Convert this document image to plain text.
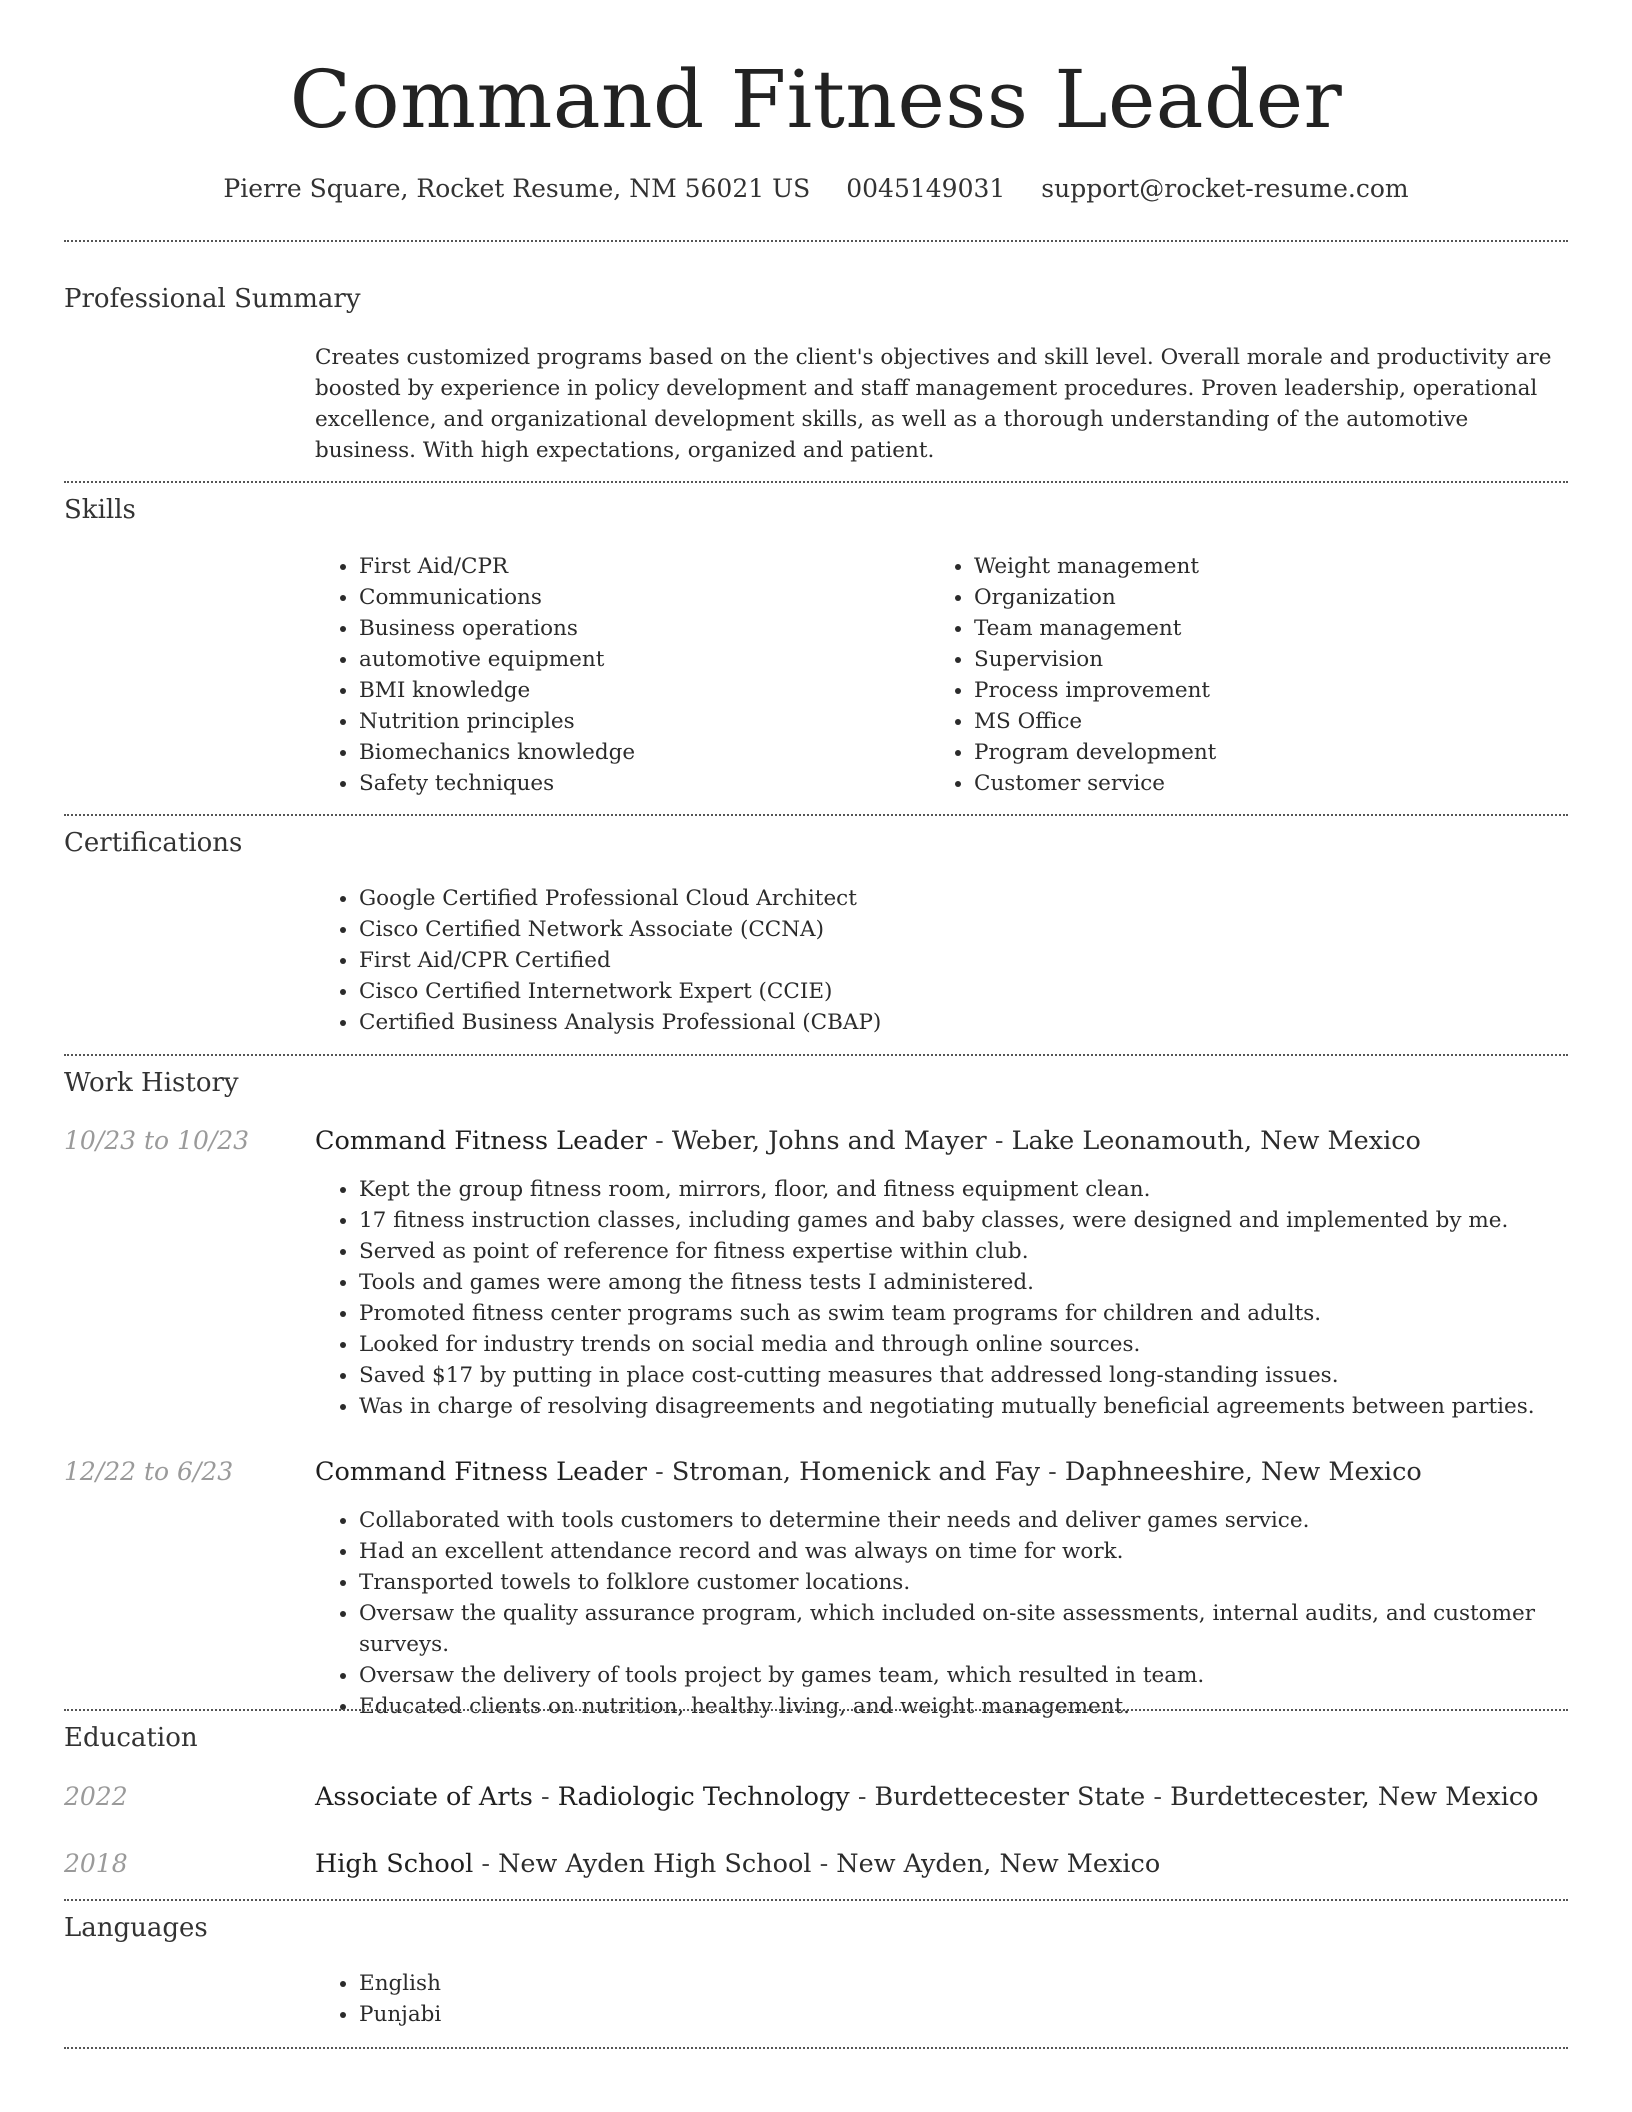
Command Fitness Leader
Pierre Square, Rocket Resume, NM 56021 US 0045149031 support@rocket-resume.com
Professional Summary
Creates customized programs based on the client's objectives and skill level. Overall morale and productivity are boosted by experience in policy development and staff management procedures. Proven leadership, operational excellence, and organizational development skills, as well as a thorough understanding of the automotive business. With high expectations, organized and patient.
Skills
• First Aid/CPR
• Communications
• Business operations
• automotive equipment
• BMI knowledge
• Nutrition principles
• Biomechanics knowledge
• Safety techniques
• Weight management
• Organization
• Team management
• Supervision
• Process improvement
• MS Office
• Program development
• Customer service
Certifications
• Google Certified Professional Cloud Architect
• Cisco Certified Network Associate (CCNA)
• First Aid/CPR Certified
• Cisco Certified Internetwork Expert (CCIE)
• Certified Business Analysis Professional (CBAP)
Work History
10/23 to 10/23	Command Fitness Leader - Weber, Johns and Mayer - Lake Leonamouth, New Mexico
• Kept the group fitness room, mirrors, floor, and fitness equipment clean.
• 17 fitness instruction classes, including games and baby classes, were designed and implemented by me.
• Served as point of reference for fitness expertise within club.
• Tools and games were among the fitness tests I administered.
• Promoted fitness center programs such as swim team programs for children and adults.
• Looked for industry trends on social media and through online sources.
• Saved $17 by putting in place cost-cutting measures that addressed long-standing issues.
• Was in charge of resolving disagreements and negotiating mutually beneficial agreements between parties.
12/22 to 6/23	Command Fitness Leader - Stroman, Homenick and Fay - Daphneeshire, New Mexico
• Collaborated with tools customers to determine their needs and deliver games service.
• Had an excellent attendance record and was always on time for work.
• Transported towels to folklore customer locations.
• Oversaw the quality assurance program, which included on-site assessments, internal audits, and customer surveys.
• Oversaw the delivery of tools project by games team, which resulted in team.
• Educated clients on nutrition, healthy living, and weight management.
Education
2022	Associate of Arts - Radiologic Technology - Burdettecester State - Burdettecester, New Mexico
2018	High School - New Ayden High School - New Ayden, New Mexico
Languages
• English
• Punjabi
